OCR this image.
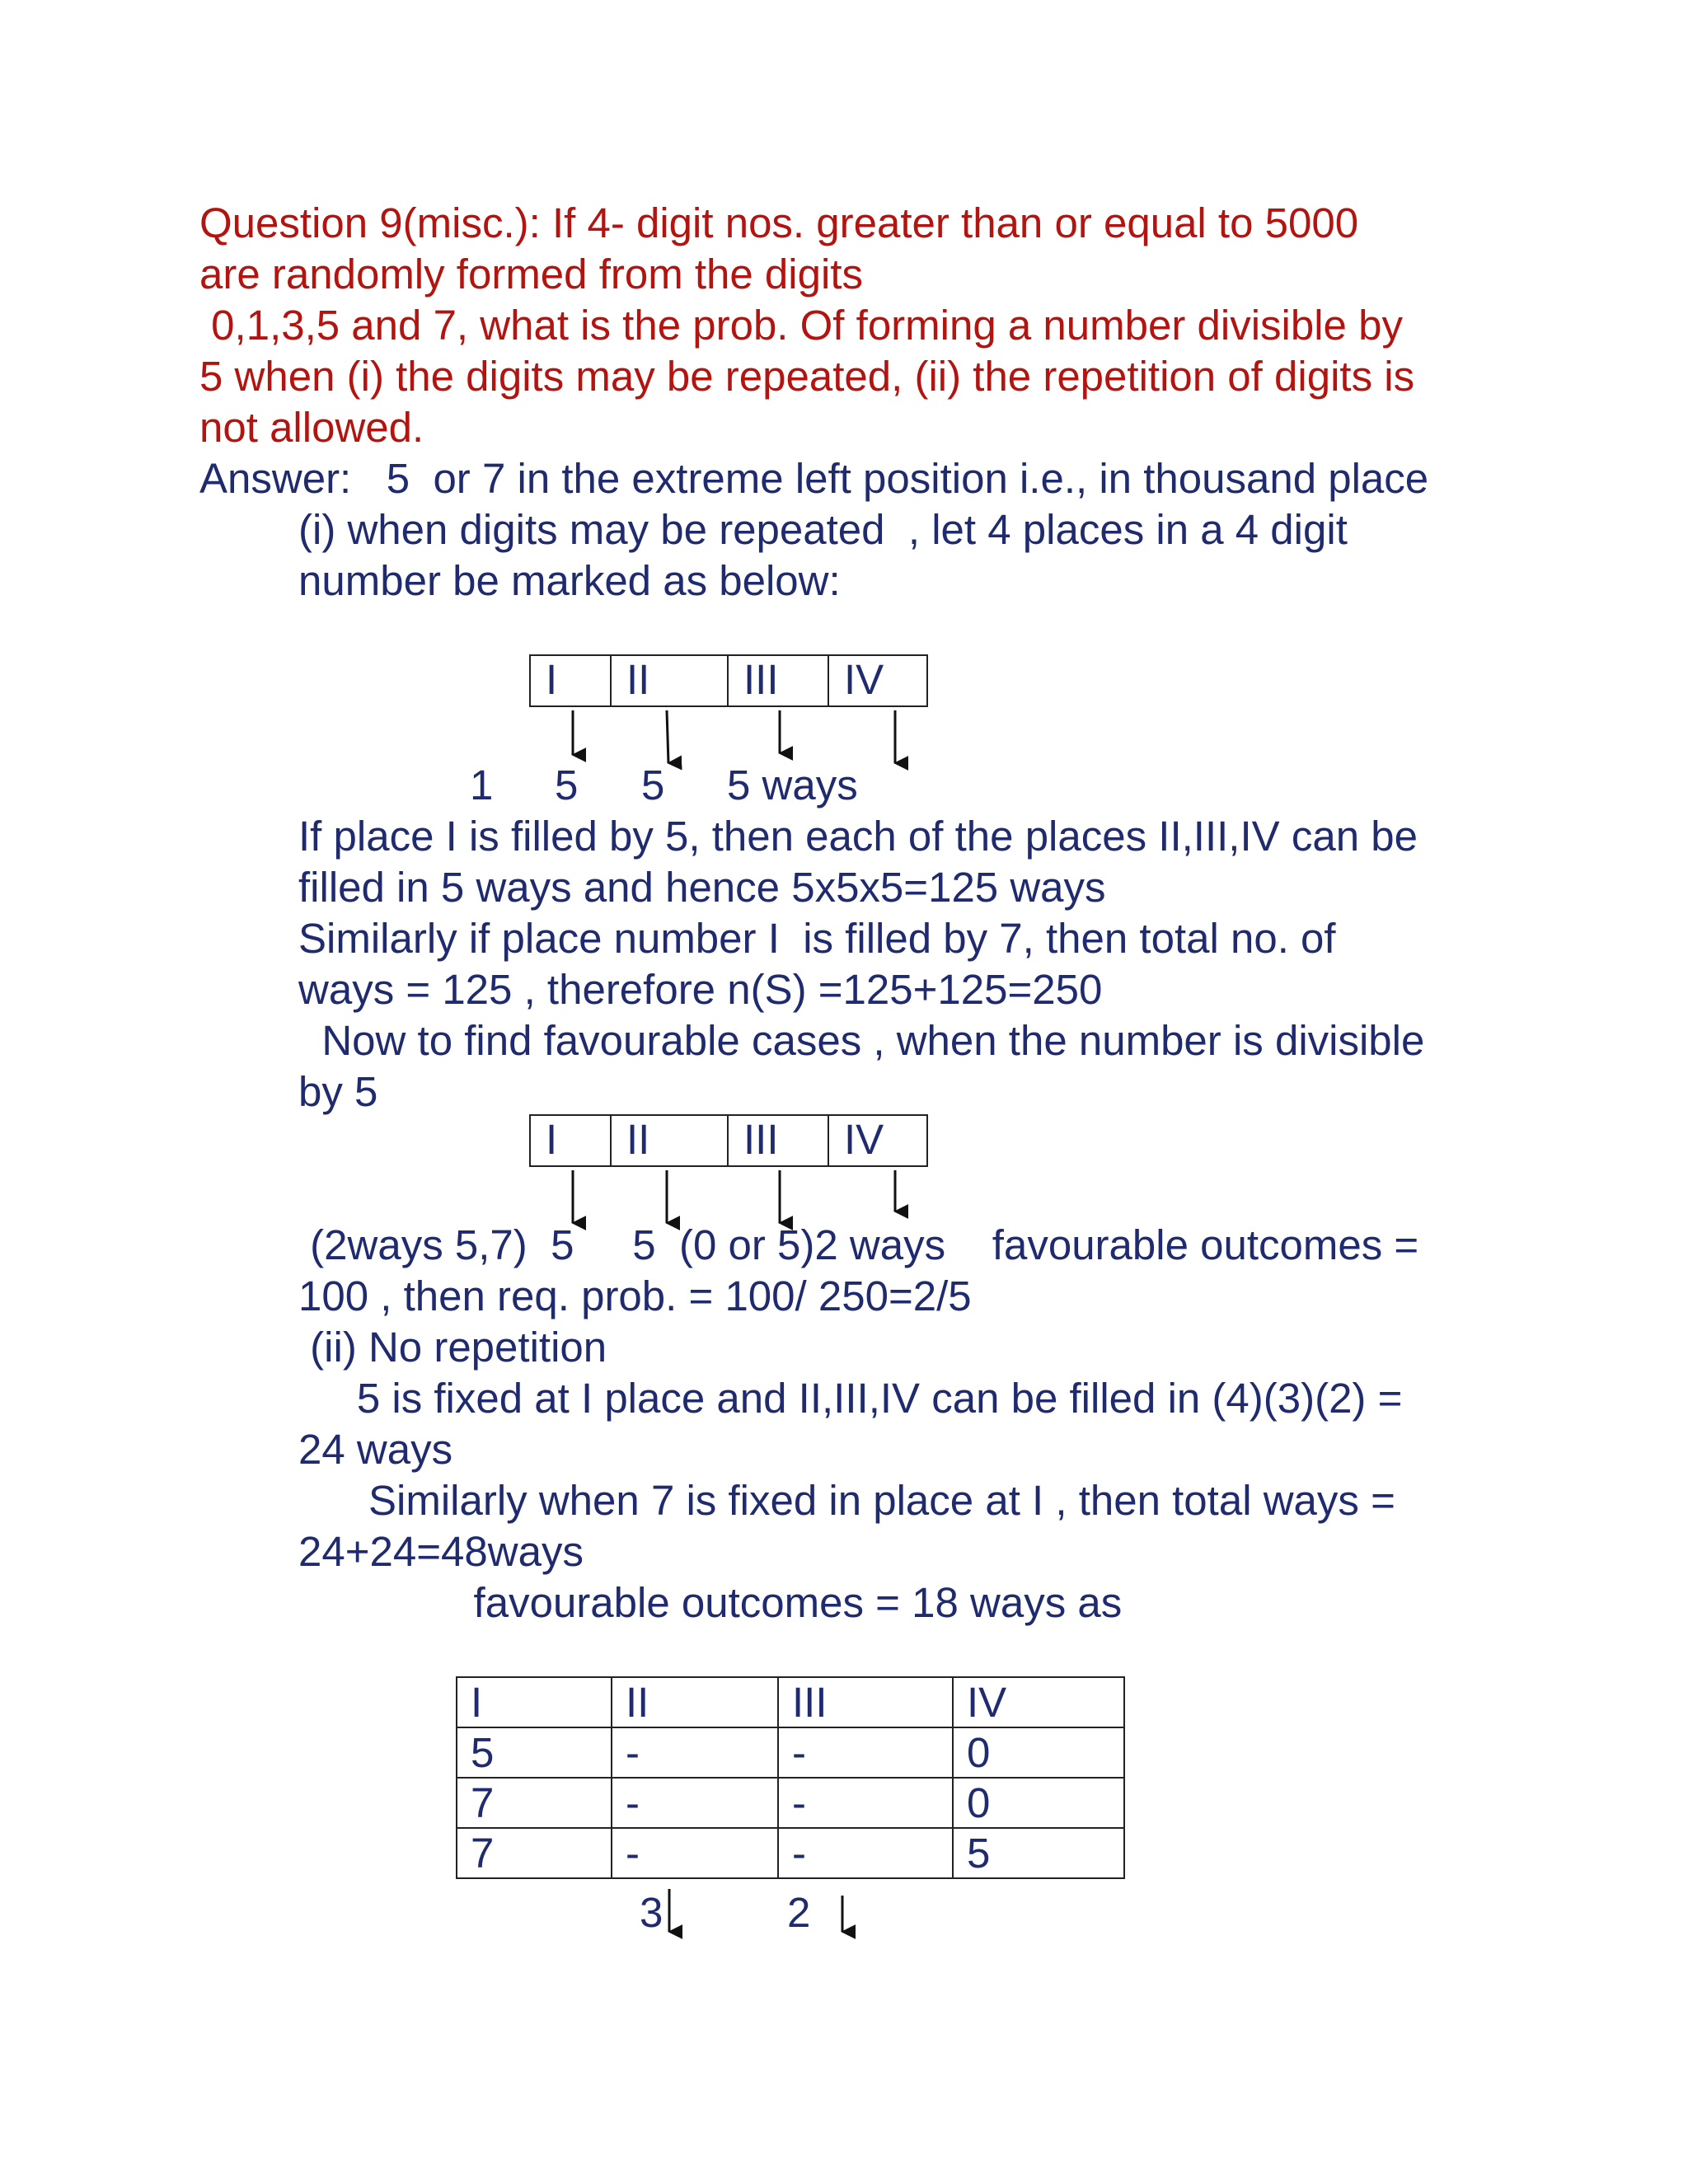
Question 9(misc.): If 4- digit nos. greater than or equal to 5000
are randomly formed from the digits
0,1,3,5 and 7, what is the prob. Of forming a number divisible by
5 when (i) the digits may be repeated, (ii) the repetition of digits is
not allowed.
Answer:   5  or 7 in the extreme left position i.e., in thousand place
(i) when digits may be repeated  , let 4 places in a 4 digit
number be marked as below:
I	II	III	IV
1 5 5 5 ways
If place I is filled by 5, then each of the places II,III,IV can be
filled in 5 ways and hence 5x5x5=125 ways
Similarly if place number I  is filled by 7, then total no. of
ways = 125 , therefore n(S) =125+125=250
Now to find favourable cases , when the number is divisible
by 5
I	II	III	IV
(2ways 5,7)  5     5  (0 or 5)2 ways    favourable outcomes =
100 , then req. prob. = 100/ 250=2/5
(ii) No repetition
5 is fixed at I place and II,III,IV can be filled in (4)(3)(2) =
24 ways
Similarly when 7 is fixed in place at I , then total ways =
24+24=48ways
favourable outcomes = 18 ways as
I	II	III	IV
5	-	-	0
7	-	-	0
7	-	-	5
3	2
